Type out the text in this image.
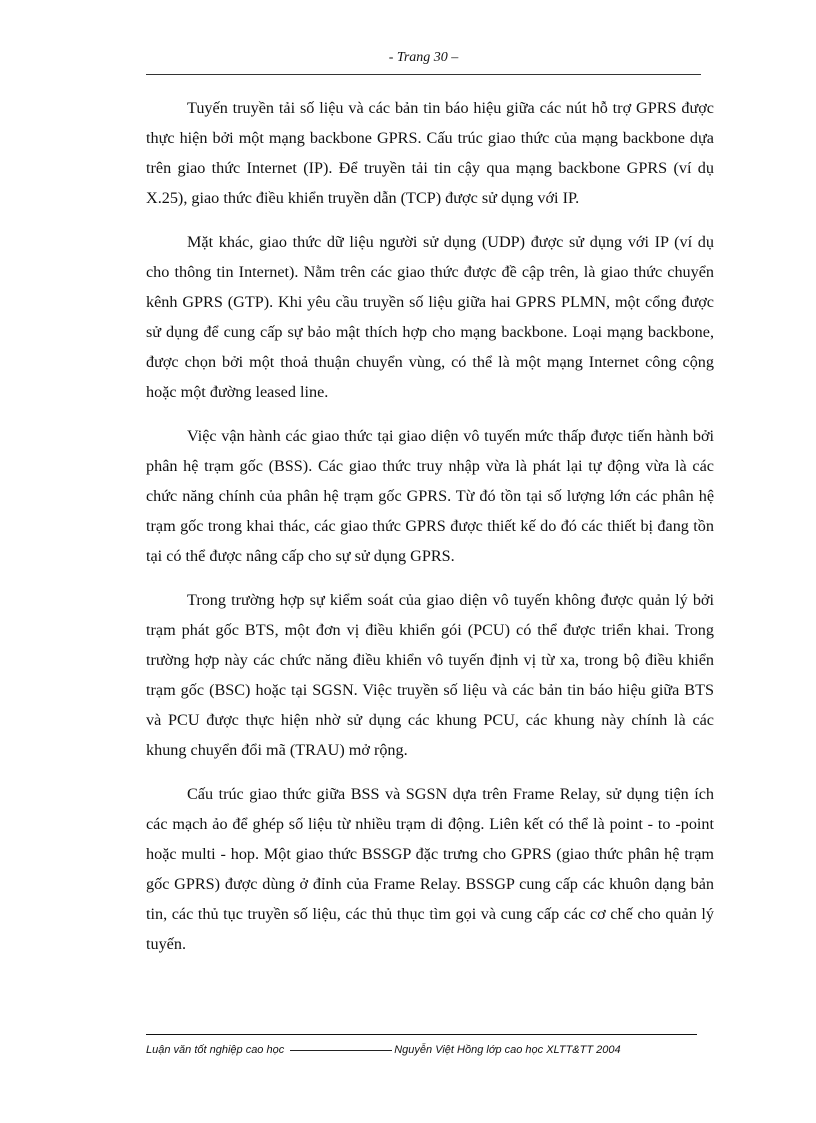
- Trang 30 –

Tuyến truyền tải số liệu và các bản tin báo hiệu giữa các nút hỗ trợ GPRS được thực hiện bởi một mạng backbone GPRS. Cấu trúc giao thức của mạng backbone dựa trên giao thức Internet (IP). Để truyền tải tin cậy qua mạng backbone GPRS (ví dụ X.25), giao thức điều khiển truyền dẫn (TCP) được sử dụng với IP.

Mặt khác, giao thức dữ liệu người sử dụng (UDP) được sử dụng với IP (ví dụ cho thông tin Internet). Nằm trên các giao thức được đề cập trên, là giao thức chuyển kênh GPRS (GTP). Khi yêu cầu truyền số liệu giữa hai GPRS PLMN, một cổng được sử dụng để cung cấp sự bảo mật thích hợp cho mạng backbone. Loại mạng backbone, được chọn bởi một thoả thuận chuyển vùng, có thể là một mạng Internet công cộng hoặc một đường leased line.

Việc vận hành các giao thức tại giao diện vô tuyến mức thấp được tiến hành bởi phân hệ trạm gốc (BSS). Các giao thức truy nhập vừa là phát lại tự động vừa là các chức năng chính của phân hệ trạm gốc GPRS. Từ đó tồn tại số lượng lớn các phân hệ trạm gốc trong khai thác, các giao thức GPRS được thiết kế do đó các thiết bị đang tồn tại có thể được nâng cấp cho sự sử dụng GPRS.

Trong trường hợp sự kiểm soát của giao diện vô tuyến không được quản lý bởi trạm phát gốc BTS, một đơn vị điều khiển gói (PCU) có thể được triển khai. Trong trường hợp này các chức năng điều khiển vô tuyến định vị từ xa, trong bộ điều khiển trạm gốc (BSC) hoặc tại SGSN. Việc truyền số liệu và các bản tin báo hiệu giữa BTS và PCU được thực hiện nhờ sử dụng các khung PCU, các khung này chính là các khung chuyển đổi mã (TRAU) mở rộng.

Cấu trúc giao thức giữa BSS và SGSN dựa trên Frame Relay, sử dụng tiện ích các mạch ảo để ghép số liệu từ nhiều trạm di động. Liên kết có thể là point - to -point hoặc multi - hop. Một giao thức BSSGP đặc trưng cho GPRS (giao thức phân hệ trạm gốc GPRS) được dùng ở đỉnh của Frame Relay. BSSGP cung cấp các khuôn dạng bản tin, các thủ tục truyền số liệu, các thủ thục tìm gọi và cung cấp các cơ chế cho quản lý tuyến.

Luận văn tốt nghiệp cao học	Nguyễn Việt Hồng lớp cao học XLTT&TT 2004
